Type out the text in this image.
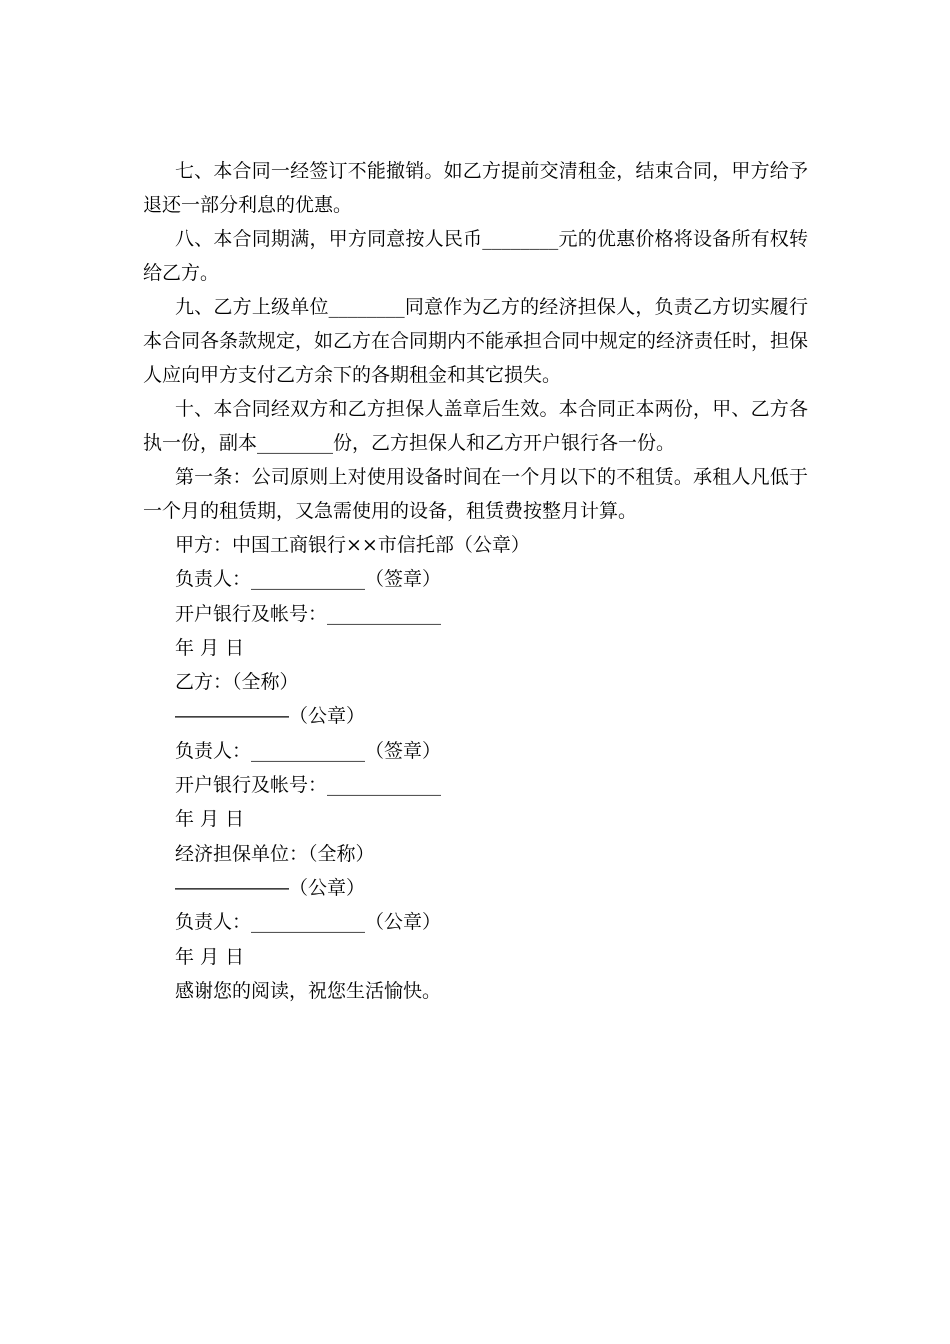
七、本合同一经签订不能撤销。如乙方提前交清租金，结束合同，甲方给予退还一部分利息的优惠。

八、本合同期满，甲方同意按人民币________元的优惠价格将设备所有权转给乙方。

九、乙方上级单位________同意作为乙方的经济担保人，负责乙方切实履行本合同各条款规定，如乙方在合同期内不能承担合同中规定的经济责任时，担保人应向甲方支付乙方余下的各期租金和其它损失。

十、本合同经双方和乙方担保人盖章后生效。本合同正本两份，甲、乙方各执一份，副本________份，乙方担保人和乙方开户银行各一份。

第一条：公司原则上对使用设备时间在一个月以下的不租赁。承租人凡低于一个月的租赁期，又急需使用的设备，租赁费按整月计算。

甲方：中国工商银行××市信托部（公章）

负责人：____________（签章）

开户银行及帐号：____________

年 月 日

乙方：（全称）

――――――（公章）

负责人：____________（签章）

开户银行及帐号：____________

年 月 日

经济担保单位：（全称）

――――――（公章）

负责人：____________（公章）

年 月 日

感谢您的阅读，祝您生活愉快。
